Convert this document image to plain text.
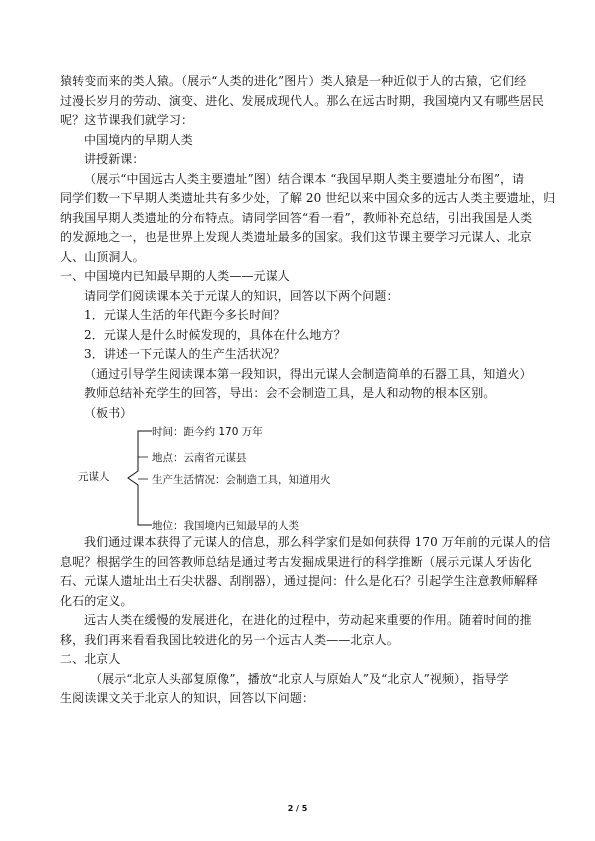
猿转变而来的类人猿。（展示“人类的进化”图片）类人猿是一种近似于人的古猿，它们经
过漫长岁月的劳动、演变、进化、发展成现代人。那么在远古时期，我国境内又有哪些居民
呢？这节课我们就学习：
中国境内的早期人类
讲授新课：
（展示“中国远古人类主要遗址”图）结合课本 “我国早期人类主要遗址分布图”，请
同学们数一下早期人类遗址共有多少处，了解 20 世纪以来中国众多的远古人类主要遗址，归
纳我国早期人类遗址的分布特点。请同学回答“看一看”，教师补充总结，引出我国是人类
的发源地之一，也是世界上发现人类遗址最多的国家。我们这节课主要学习元谋人、北京
人、山顶洞人。
一、中国境内已知最早期的人类——元谋人
请同学们阅读课本关于元谋人的知识，回答以下两个问题：
1．元谋人生活的年代距今多长时间？
2．元谋人是什么时候发现的，具体在什么地方？
3．讲述一下元谋人的生产生活状况？
（通过引导学生阅读课本第一段知识，得出元谋人会制造简单的石器工具，知道火）
教师总结补充学生的回答，导出：会不会制造工具，是人和动物的根本区别。
（板书）
元谋人
时间：距今约 170 万年
地点：云南省元谋县
生产生活情况：会制造工具，知道用火
地位：我国境内已知最早的人类
我们通过课本获得了元谋人的信息，那么科学家们是如何获得 170 万年前的元谋人的信
息呢？根据学生的回答教师总结是通过考古发掘成果进行的科学推断（展示元谋人牙齿化
石、元谋人遗址出土石尖状器、刮削器），通过提问：什么是化石？引起学生注意教师解释
化石的定义。
远古人类在缓慢的发展进化，在进化的过程中，劳动起来重要的作用。随着时间的推
移，我们再来看看我国比较进化的另一个远古人类——北京人。
二、北京人
（展示“北京人头部复原像”，播放“北京人与原始人”及“北京人”视频），指导学
生阅读课文关于北京人的知识，回答以下问题：
2 / 5
